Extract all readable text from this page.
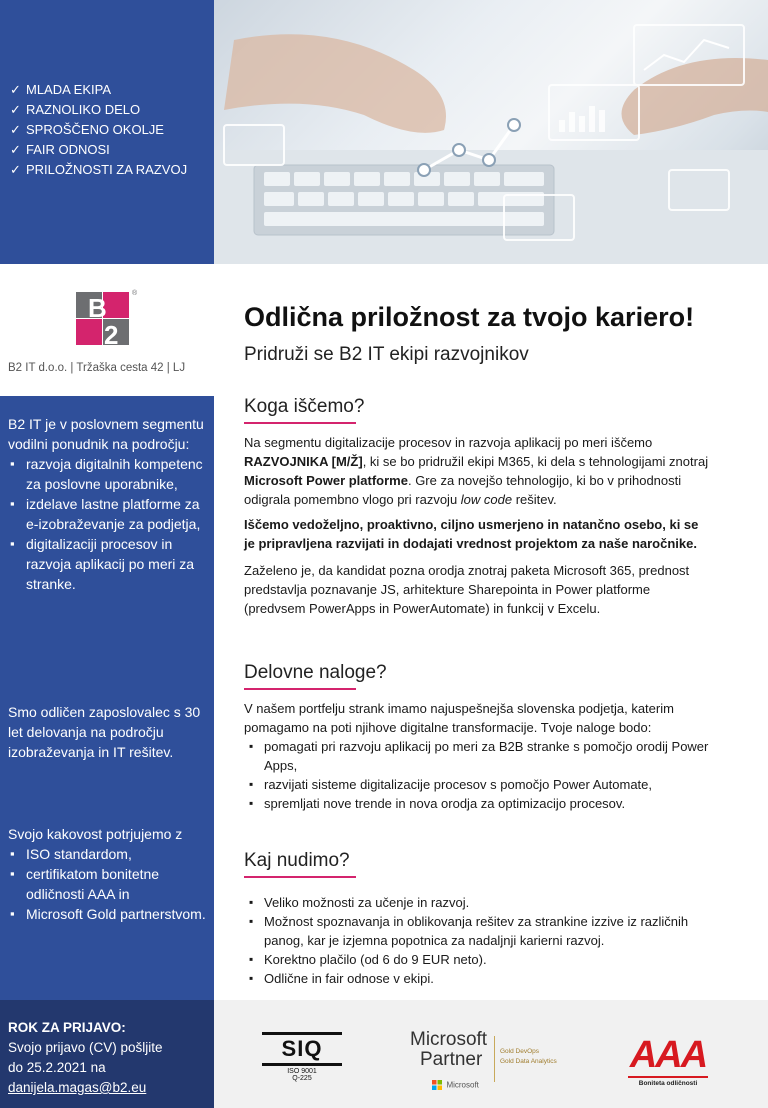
✓ MLADA EKIPA
✓ RAZNOLIKO DELO
✓ SPROŠČENO OKOLJE
✓ FAIR ODNOSI
✓ PRILOŽNOSTI ZA RAZVOJ
B
2
®
B2 IT d.o.o. | Tržaška cesta 42 | LJ

B2 IT je v poslovnem segmentu vodilni ponudnik na področju:

▪ razvoja digitalnih kompetenc za poslovne uporabnike,
▪ izdelave lastne platforme za e-izobraževanje za podjetja,
▪ digitalizaciji procesov in razvoja aplikacij po meri za stranke.

Smo odličen zaposlovalec s 30 let delovanja na področju izobraževanja in IT rešitev.

Svojo kakovost potrjujemo z

▪ ISO standardom,
▪ certifikatom bonitetne odličnosti AAA in
▪ Microsoft Gold partnerstvom.
ROK ZA PRIJAVO:
Svojo prijavo (CV) pošljite
do 25.2.2021 na
danijela.magas@b2.eu
Odlična priložnost za tvojo kariero!
Pridruži se B2 IT ekipi razvojnikov
Koga iščemo?

Na segmentu digitalizacije procesov in razvoja aplikacij po meri iščemo RAZVOJNIKA [M/Ž], ki se bo pridružil ekipi M365, ki dela s tehnologijami znotraj Microsoft Power platforme. Gre za novejšo tehnologijo, ki bo v prihodnosti odigrala pomembno vlogo pri razvoju low code rešitev.

Iščemo vedoželjno, proaktivno, ciljno usmerjeno in natančno osebo, ki se je pripravljena razvijati in dodajati vrednost projektom za naše naročnike.

Zaželeno je, da kandidat pozna orodja znotraj paketa Microsoft 365, prednost predstavlja poznavanje JS, arhitekture Sharepointa in Power platforme (predvsem PowerApps in PowerAutomate) in funkcij v Excelu.

Delovne naloge?

V našem portfelju strank imamo najuspešnejša slovenska podjetja, katerim pomagamo na poti njihove digitalne transformacije. Tvoje naloge bodo:

▪ pomagati pri razvoju aplikacij po meri za B2B stranke s pomočjo orodij Power Apps,
▪ razvijati sisteme digitalizacije procesov s pomočjo Power Automate,
▪ spremljati nove trende in nova orodja za optimizacijo procesov.
Kaj nudimo?
▪ Veliko možnosti za učenje in razvoj.
▪ Možnost spoznavanja in oblikovanja rešitev za strankine izzive iz različnih panog, kar je izjemna popotnica za nadaljnji karierni razvoj.
▪ Korektno plačilo (od 6 do 9 EUR neto).
▪ Odlične in fair odnose v ekipi.
SIQ
ISO 9001
Q-225
Microsoft
Partner
Microsoft
Gold DevOps
Gold Data Analytics	AAA
Boniteta odličnosti
